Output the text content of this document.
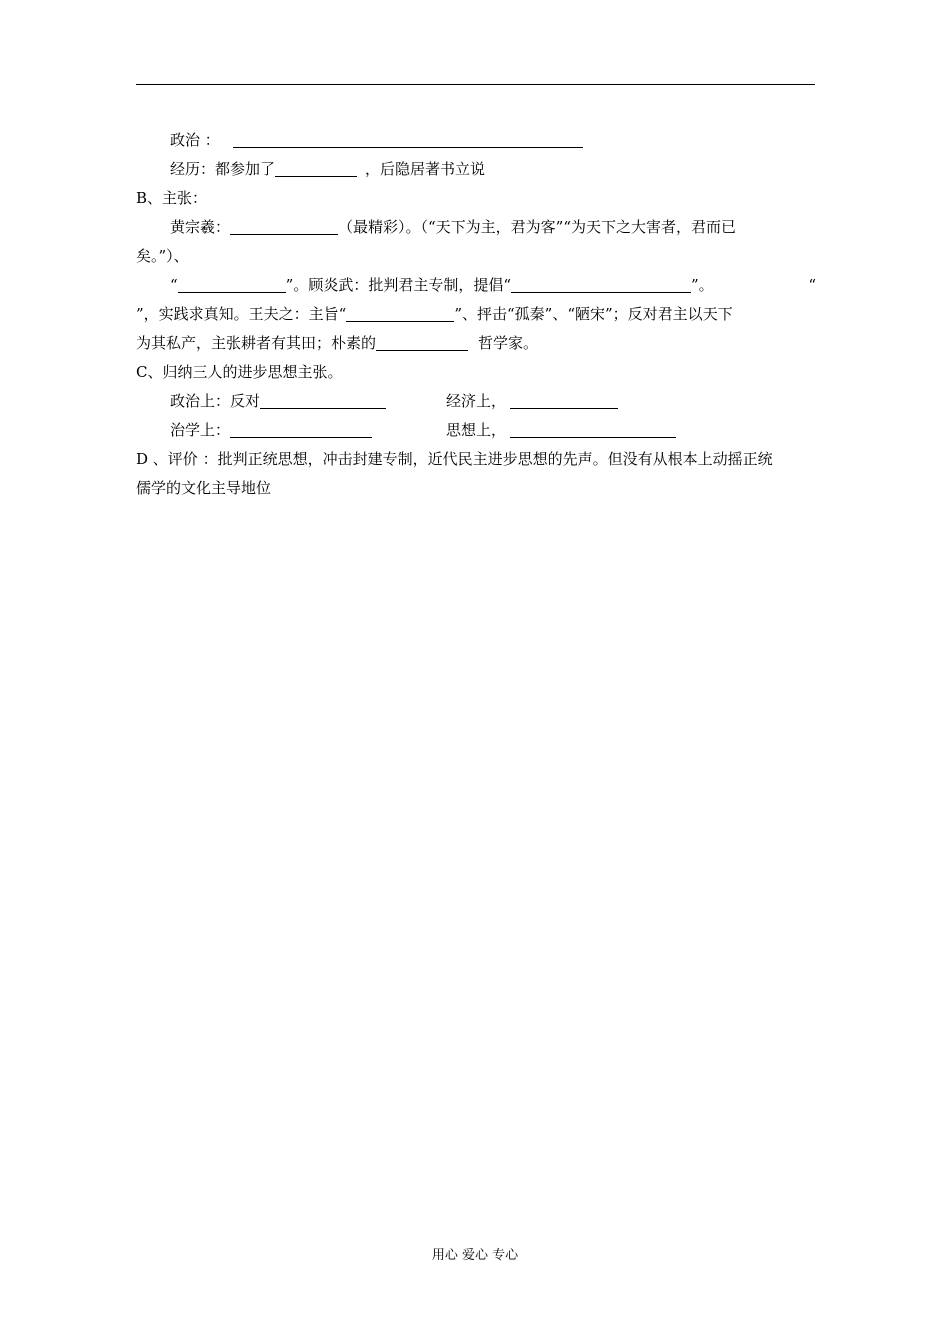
政治 ：
经历：都参加了	，后隐居著书立说
B、主张：
黄宗羲：	（最精彩）。（“天下为主，君为客”“为天下之大害者，君而已
矣。”）、
“	”。顾炎武：批判君主专制，提倡“	”。	“
”，实践求真知。王夫之：主旨“	”、抨击“孤秦”、“陋宋”；反对君主以天下
为其私产，主张耕者有其田；朴素的	哲学家。
C、归纳三人的进步思想主张。
政治上：反对	经济上，
治学上：	思想上，
D 、评价 ：批判正统思想，冲击封建专制，近代民主进步思想的先声。但没有从根本上动摇正统
儒学的文化主导地位
用心 爱心 专心
